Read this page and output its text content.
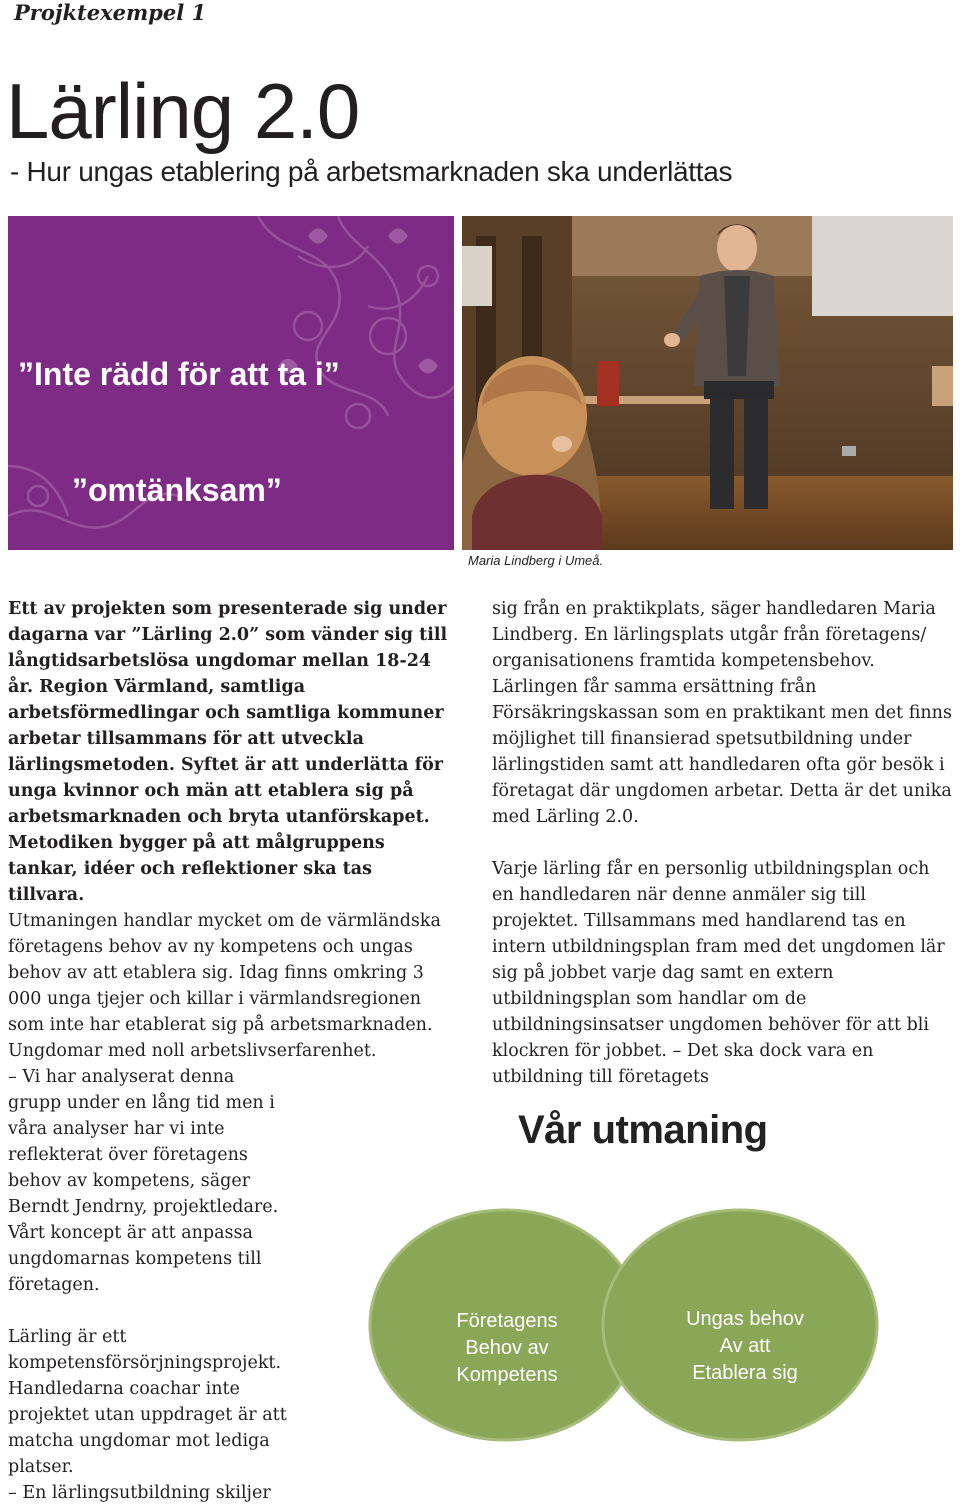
Projktexempel 1
Lärling 2.0
- Hur ungas etablering på arbetsmarknaden ska underlättas
”Inte rädd för att ta i”
”omtänksam”
Maria Lindberg i Umeå.
Ett av projekten som presenterade sig under dagarna var ”Lärling 2.0” som vänder sig till långtidsarbetslösa ungdomar mellan 18-24 år. Region Värmland, samtliga arbetsförmedlingar och samtliga kommuner arbetar tillsammans för att utveckla lärlingsmetoden. Syftet är att underlätta för unga kvinnor och män att etablera sig på arbetsmarknaden och bryta utanförskapet. Metodiken bygger på att målgruppens tankar, idéer och reflektioner ska tas tillvara.
Utmaningen handlar mycket om de värmländska företagens behov av ny kompetens och ungas behov av att etablera sig. Idag finns omkring 3 000 unga tjejer och killar i värmlandsregionen som inte har etablerat sig på arbetsmarknaden. Ungdomar med noll arbetslivserfarenhet.
– Vi har analyserat denna grupp under en lång tid men i våra analyser har vi inte reflekterat över företagens behov av kompetens, säger Berndt Jendrny, projektledare. Vårt koncept är att anpassa ungdomarnas kompetens till företagen.
Lärling är ett kompetensförsörjningsprojekt. Handledarna coachar inte projektet utan uppdraget är att matcha ungdomar mot lediga platser.
– En lärlingsutbildning skiljer
sig från en praktikplats, säger handledaren Maria Lindberg. En lärlingsplats utgår från företagens/ organisationens framtida kompetensbehov. Lärlingen får samma ersättning från Försäkringskassan som en praktikant men det finns möjlighet till finansierad spetsutbildning under lärlingstiden samt att handledaren ofta gör besök i företagat där ungdomen arbetar. Detta är det unika med Lärling 2.0.
Varje lärling får en personlig utbildningsplan och en handledaren när denne anmäler sig till projektet. Tillsammans med handlarend tas en intern utbildningsplan fram med det ungdomen lär sig på jobbet varje dag samt en extern utbildningsplan som handlar om de utbildningsinsatser ungdomen behöver för att bli klockren för jobbet. – Det ska dock vara en utbildning till företagets
Vår utmaning
Företagens
Behov av
Kompetens
Ungas behov
Av att
Etablera sig
